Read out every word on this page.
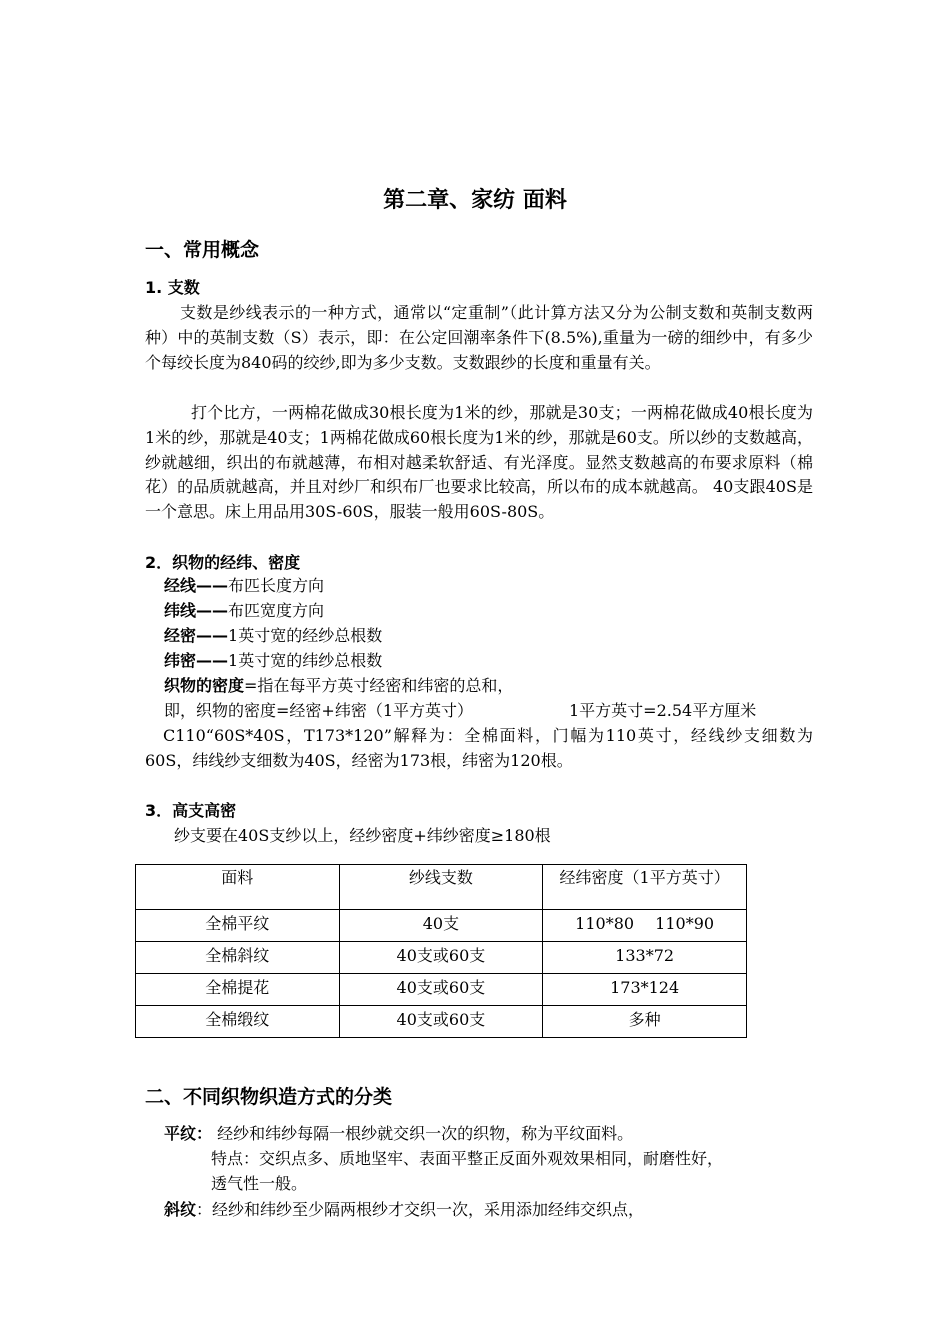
第二章、家纺 面料
一、常用概念
1. 支数

支数是纱线表示的一种方式，通常以“定重制”（此计算方法又分为公制支数和英制支数两种）中的英制支数（S）表示，即：在公定回潮率条件下(8.5%),重量为一磅的细纱中，有多少个每绞长度为840码的绞纱,即为多少支数。支数跟纱的长度和重量有关。

打个比方，一两棉花做成30根长度为1米的纱，那就是30支；一两棉花做成40根长度为1米的纱，那就是40支；1两棉花做成60根长度为1米的纱，那就是60支。所以纱的支数越高，纱就越细，织出的布就越薄，布相对越柔软舒适、有光泽度。显然支数越高的布要求原料（棉花）的品质就越高，并且对纱厂和织布厂也要求比较高，所以布的成本就越高。 40支跟40S是一个意思。床上用品用30S-60S，服装一般用60S-80S。

2．织物的经纬、密度
经线——布匹长度方向
纬线——布匹宽度方向
经密——1英寸宽的经纱总根数
纬密——1英寸宽的纬纱总根数
织物的密度=指在每平方英寸经密和纬密的总和，
即，织物的密度=经密+纬密（1平方英寸）	1平方英寸=2.54平方厘米

C110“60S*40S，T173*120”解释为：全棉面料，门幅为110英寸，经线纱支细数为60S，纬线纱支细数为40S，经密为173根，纬密为120根。

3．高支高密
纱支要在40S支纱以上，经纱密度+纬纱密度≥180根
面料	纱线支数	经纬密度（1平方英寸）
全棉平纹	40支	110*80　 110*90
全棉斜纹	40支或60支	133*72
全棉提花	40支或60支	173*124
全棉缎纹	40支或60支	多种
二、不同织物织造方式的分类
平纹： 经纱和纬纱每隔一根纱就交织一次的织物，称为平纹面料。
特点：交织点多、质地坚牢、表面平整正反面外观效果相同，耐磨性好，
透气性一般。
斜纹：经纱和纬纱至少隔两根纱才交织一次，采用添加经纬交织点，
